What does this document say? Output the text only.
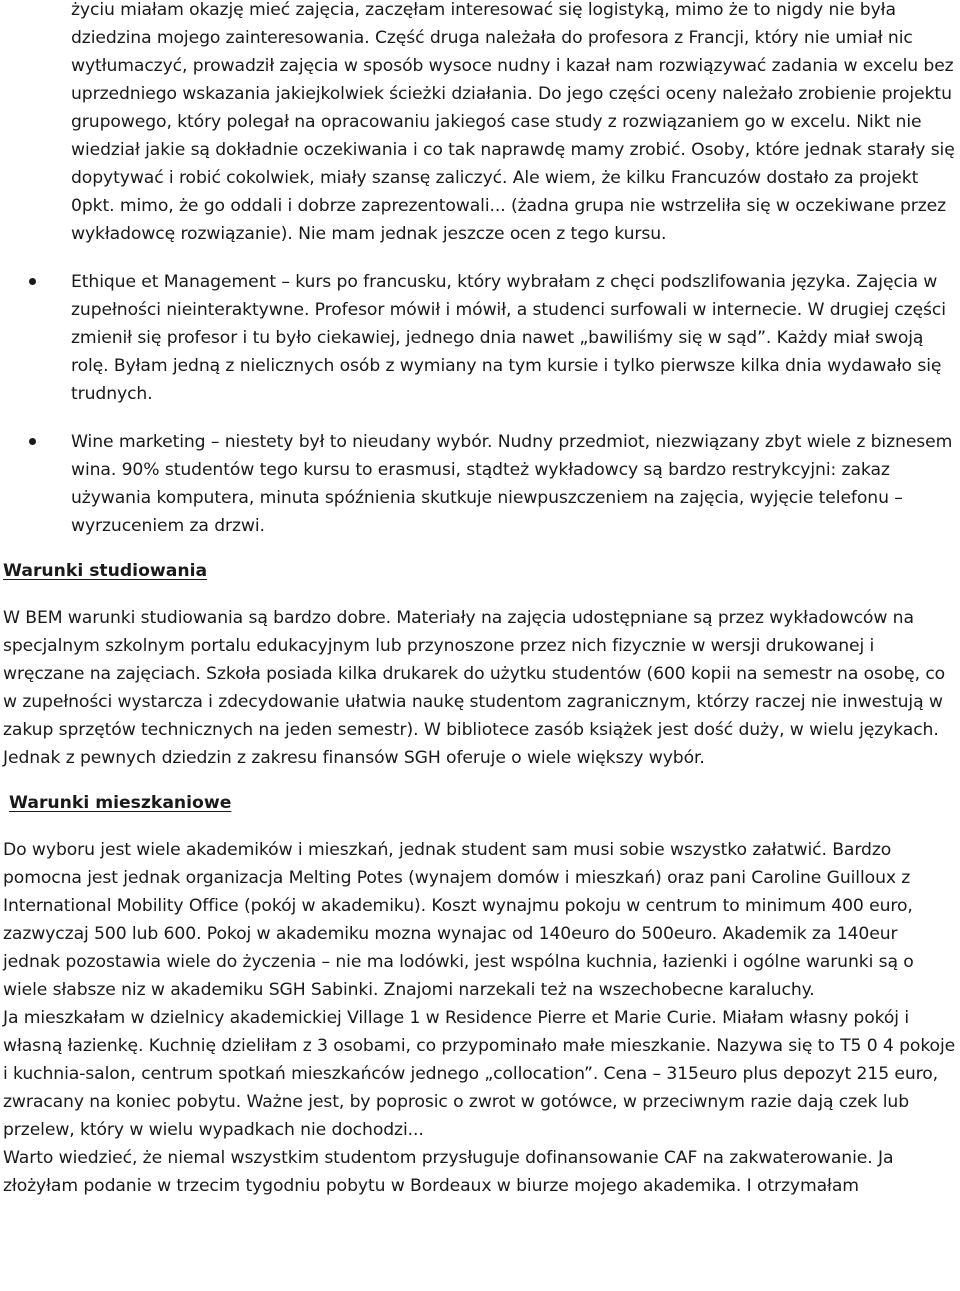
życiu miałam okazję mieć zajęcia, zaczęłam interesować się logistyką, mimo że to nigdy nie była dziedzina mojego zainteresowania. Część druga należała do profesora z Francji, który nie umiał nic wytłumaczyć, prowadził zajęcia w sposób wysoce nudny i kazał nam rozwiązywać zadania w excelu bez uprzedniego wskazania jakiejkolwiek ścieżki działania. Do jego części oceny należało zrobienie projektu grupowego, który polegał na opracowaniu jakiegoś case study z rozwiązaniem go w excelu. Nikt nie wiedział jakie są dokładnie oczekiwania i co tak naprawdę mamy zrobić. Osoby, które jednak starały się dopytywać i robić cokolwiek, miały szansę zaliczyć. Ale wiem, że kilku Francuzów dostało za projekt 0pkt. mimo, że go oddali i dobrze zaprezentowali... (żadna grupa nie wstrzeliła się w oczekiwane przez wykładowcę rozwiązanie). Nie mam jednak jeszcze ocen z tego kursu.

Ethique et Management – kurs po francusku, który wybrałam z chęci podszlifowania języka. Zajęcia w zupełności nieinteraktywne. Profesor mówił i mówił, a studenci surfowali w internecie. W drugiej części zmienił się profesor i tu było ciekawiej, jednego dnia nawet „bawiliśmy się w sąd”. Każdy miał swoją rolę. Byłam jedną z nielicznych osób z wymiany na tym kursie i tylko pierwsze kilka dnia wydawało się trudnych.

Wine marketing – niestety był to nieudany wybór. Nudny przedmiot, niezwiązany zbyt wiele z biznesem wina. 90% studentów tego kursu to erasmusi, stądteż wykładowcy są bardzo restrykcyjni: zakaz używania komputera, minuta spóźnienia skutkuje niewpuszczeniem na zajęcia, wyjęcie telefonu – wyrzuceniem za drzwi.

Warunki studiowania

W BEM warunki studiowania są bardzo dobre. Materiały na zajęcia udostępniane są przez wykładowców na specjalnym szkolnym portalu edukacyjnym lub przynoszone przez nich fizycznie w wersji drukowanej i wręczane na zajęciach. Szkoła posiada kilka drukarek do użytku studentów (600 kopii na semestr na osobę, co w zupełności wystarcza i zdecydowanie ułatwia naukę studentom zagranicznym, którzy raczej nie inwestują w zakup sprzętów technicznych na jeden semestr). W bibliotece zasób książek jest dość duży, w wielu językach. Jednak z pewnych dziedzin z zakresu finansów SGH oferuje o wiele większy wybór.

Warunki mieszkaniowe

Do wyboru jest wiele akademików i mieszkań, jednak student sam musi sobie wszystko załatwić. Bardzo pomocna jest jednak organizacja Melting Potes (wynajem domów i mieszkań) oraz pani Caroline Guilloux z International Mobility Office (pokój w akademiku). Koszt wynajmu pokoju w centrum to minimum 400 euro, zazwyczaj 500 lub 600. Pokoj w akademiku mozna wynajac od 140euro do 500euro. Akademik za 140eur jednak pozostawia wiele do życzenia – nie ma lodówki, jest wspólna kuchnia, łazienki i ogólne warunki są o wiele słabsze niz w akademiku SGH Sabinki. Znajomi narzekali też na wszechobecne karaluchy.

Ja mieszkałam w dzielnicy akademickiej Village 1 w Residence Pierre et Marie Curie. Miałam własny pokój i własną łazienkę. Kuchnię dzieliłam z 3 osobami, co przypominało małe mieszkanie. Nazywa się to T5 0 4 pokoje i kuchnia-salon, centrum spotkań mieszkańców jednego „collocation”. Cena – 315euro plus depozyt 215 euro, zwracany na koniec pobytu. Ważne jest, by poprosic o zwrot w gotówce, w przeciwnym razie dają czek lub przelew, który w wielu wypadkach nie dochodzi...

Warto wiedzieć, że niemal wszystkim studentom przysługuje dofinansowanie CAF na zakwaterowanie. Ja złożyłam podanie w trzecim tygodniu pobytu w Bordeaux w biurze mojego akademika. I otrzymałam
